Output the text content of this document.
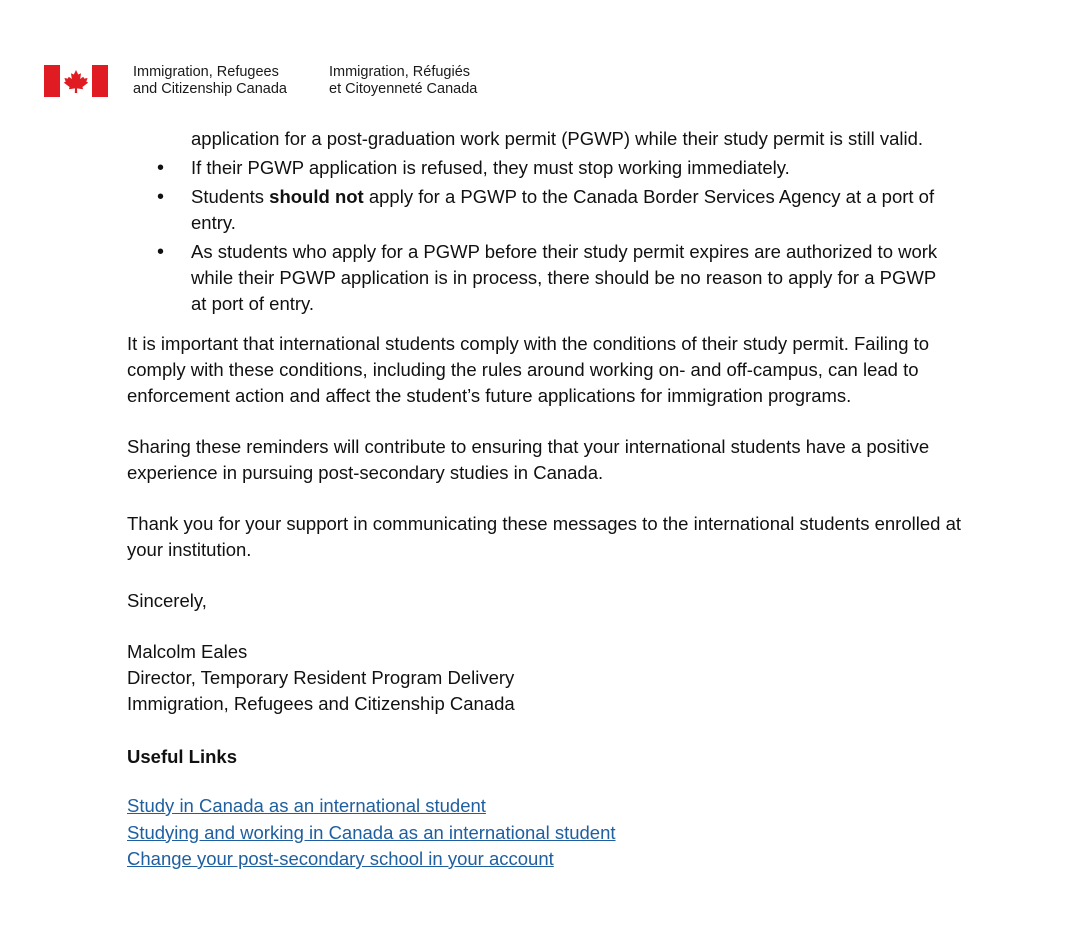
Immigration, Refugees
and Citizenship Canada
Immigration, Réfugiés
et Citoyenneté Canada
application for a post-graduation work permit (PGWP) while their study permit is still valid.
• If their PGWP application is refused, they must stop working immediately.
• Students should not apply for a PGWP to the Canada Border Services Agency at a port of entry.
• As students who apply for a PGWP before their study permit expires are authorized to work while their PGWP application is in process, there should be no reason to apply for a PGWP at port of entry.

It is important that international students comply with the conditions of their study permit. Failing to comply with these conditions, including the rules around working on- and off-campus, can lead to enforcement action and affect the student’s future applications for immigration programs.

Sharing these reminders will contribute to ensuring that your international students have a positive experience in pursuing post-secondary studies in Canada.

Thank you for your support in communicating these messages to the international students enrolled at your institution.

Sincerely,

Malcolm Eales

Director, Temporary Resident Program Delivery

Immigration, Refugees and Citizenship Canada

Useful Links
Study in Canada as an international student
Studying and working in Canada as an international student
Change your post-secondary school in your account
